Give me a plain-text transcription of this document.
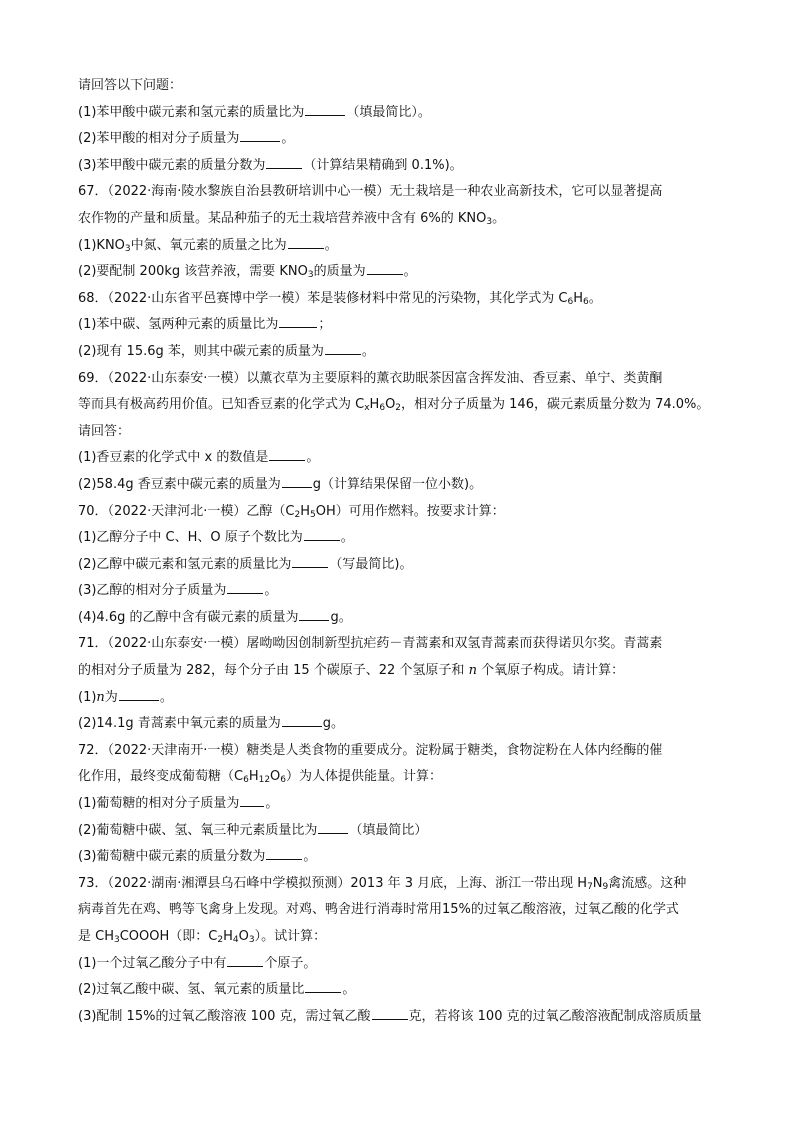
请回答以下问题：
(1)苯甲酸中碳元素和氢元素的质量比为	（填最简比）。
(2)苯甲酸的相对分子质量为	。
(3)苯甲酸中碳元素的质量分数为	（计算结果精确到 0.1%)。
67．（2022·海南·陵水黎族自治县教研培训中心一模）无土栽培是一种农业高新技术，它可以显著提高
农作物的产量和质量。某品种茄子的无土栽培营养液中含有 6%的 $KNO_3$。
$(1)KNO_3$中氮、氧元素的质量之比为	。
(2)要配制 200kg 该营养液，需要 $KNO_3$的质量为	。
68．（2022·山东省平邑赛博中学一模）苯是装修材料中常见的污染物，其化学式为 $C_6H_6$。
(1)苯中碳、氢两种元素的质量比为	；
(2)现有 15.6g 苯，则其中碳元素的质量为	。
69．（2022·山东泰安·一模）以薰衣草为主要原料的薰衣助眠茶因富含挥发油、香豆素、单宁、类黄酮
等而具有极高药用价值。已知香豆素的化学式为 $C_xH_6O_2$，相对分子质量为 146，碳元素质量分数为 74.0%。
请回答：
(1)香豆素的化学式中 x 的数值是	。
(2)58.4g 香豆素中碳元素的质量为 g（计算结果保留一位小数)。
70．（2022·天津河北·一模）乙醇$(C_2H_5OH)$可用作燃料。按要求计算：
(1)乙醇分子中 C、H、O 原子个数比为	。
(2)乙醇中碳元素和氢元素的质量比为	（写最简比)。
(3)乙醇的相对分子质量为	。
(4)4.6g 的乙醇中含有碳元素的质量为 g。
71．（2022·山东泰安·一模）屠呦呦因创制新型抗疟药－青蒿素和双氢青蒿素而获得诺贝尔奖。青蒿素
的相对分子质量为 282，每个分子由 15 个碳原子、22 个氢原子和 n 个氧原子构成。请计算：
(1)n为	。
(2)14.1g 青蒿素中氧元素的质量为	g。
72．（2022·天津南开·一模）糖类是人类食物的重要成分。淀粉属于糖类，食物淀粉在人体内经酶的催
化作用，最终变成葡萄糖$(C_6H_{12}O_6)$为人体提供能量。计算：
(1)葡萄糖的相对分子质量为 。
(2)葡萄糖中碳、氢、氧三种元素质量比为 （填最简比）
(3)葡萄糖中碳元素的质量分数为	。
73．（2022·湖南·湘潭县乌石峰中学模拟预测）2013 年 3 月底，上海、浙江一带出现 $H_7N_9$禽流感。这种
病毒首先在鸡、鸭等飞禽身上发现。对鸡、鸭舍进行消毒时常用15%的过氧乙酸溶液，过氧乙酸的化学式
是 $CH_3COOOH$（即：$C_2H_4O_3$）。试计算：
(1)一个过氧乙酸分子中有	个原子。
(2)过氧乙酸中碳、氢、氧元素的质量比	。
(3)配制 15%的过氧乙酸溶液 100 克，需过氧乙酸	克，若将该 100 克的过氧乙酸溶液配制成溶质质量
